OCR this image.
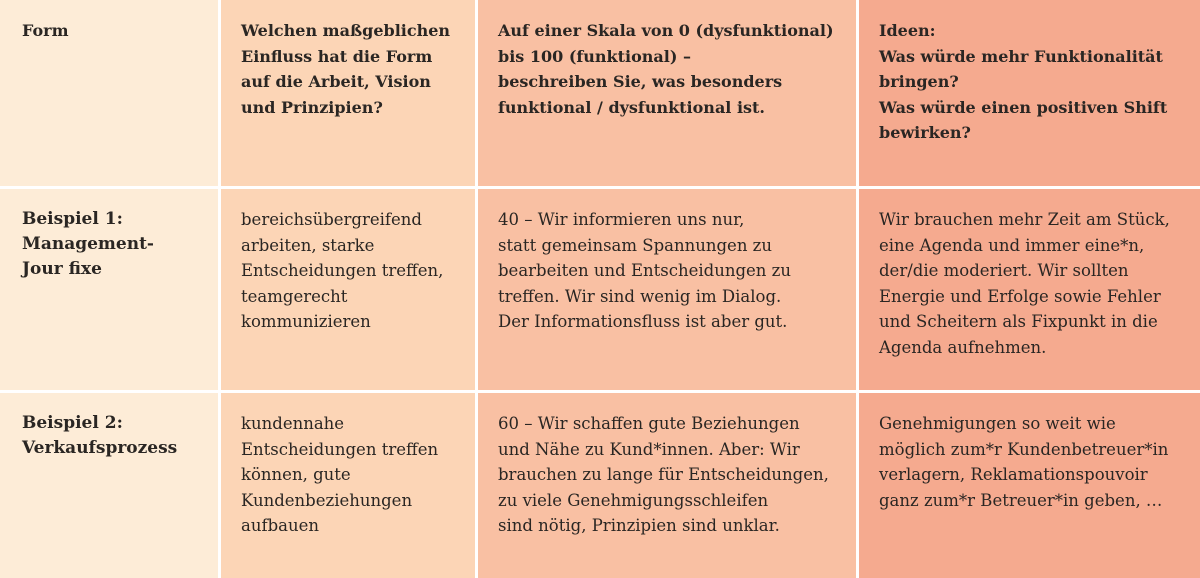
Form	Welchen maßgeblichen
Einfluss hat die Form
auf die Arbeit, Vision
und Prinzipien?
Auf einer Skala von 0 (dysfunktional)
bis 100 (funktional) –
beschreiben Sie, was besonders
funktional / dysfunktional ist.
Ideen:
Was würde mehr Funktionalität
bringen?
Was würde einen positiven Shift
bewirken?
Beispiel 1:
Management-
Jour fixe
bereichsübergreifend
arbeiten, starke
Entscheidungen treffen,
teamgerecht
kommunizieren
40 – Wir informieren uns nur,
statt gemeinsam Spannungen zu
bearbeiten und Entscheidungen zu
treffen. Wir sind wenig im Dialog.
Der Informationsfluss ist aber gut.
Wir brauchen mehr Zeit am Stück,
eine Agenda und immer eine*n,
der/die moderiert. Wir sollten
Energie und Erfolge sowie Fehler
und Scheitern als Fixpunkt in die
Agenda aufnehmen.
Beispiel 2:
Verkaufsprozess
kundennahe
Entscheidungen treffen
können, gute
Kundenbeziehungen
aufbauen
60 – Wir schaffen gute Beziehungen
und Nähe zu Kund*innen. Aber: Wir
brauchen zu lange für Entscheidungen,
zu viele Genehmigungsschleifen
sind nötig, Prinzipien sind unklar.
Genehmigungen so weit wie
möglich zum*r Kundenbetreuer*in
verlagern, Reklamationspouvoir
ganz zum*r Betreuer*in geben, …
